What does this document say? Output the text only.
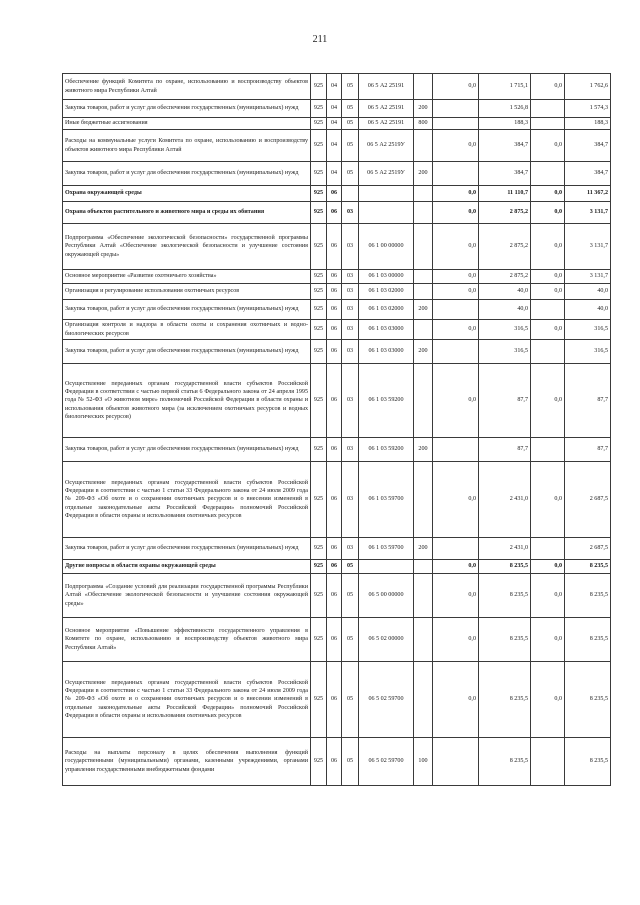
211
Обеспечение функций Комитета по охране, использованию и воспроизводству объектов животного мира Республики Алтай	925	04	05	06 5 А2 25191		0,0	1 715,1	0,0	1 762,6
Закупка товаров, работ и услуг для обеспечения государственных (муниципальных) нужд	925	04	05	06 5 А2 25191	200		1 526,8		1 574,3
Иные бюджетные ассигнования	925	04	05	06 5 А2 25191	800		188,3		188,3
Расходы на коммунальные услуги Комитета по охране, использованию и воспроизводству объектов животного мира Республики Алтай	925	04	05	06 5 А2 2519У		0,0	384,7	0,0	384,7
Закупка товаров, работ и услуг для обеспечения государственных (муниципальных) нужд	925	04	05	06 5 А2 2519У	200		384,7		384,7
Охрана окружающей среды	925	06				0,0	11 110,7	0,0	11 367,2
Охрана объектов растительного и животного мира и среды их обитания	925	06	03			0,0	2 875,2	0,0	3 131,7
Подпрограмма «Обеспечение экологической безопасности» государственной программы Республики Алтай «Обеспечение экологической безопасности и улучшение состояния окружающей среды»	925	06	03	06 1 00 00000		0,0	2 875,2	0,0	3 131,7
Основное мероприятие «Развитие охотничьего хозяйства»	925	06	03	06 1 03 00000		0,0	2 875,2	0,0	3 131,7
Организация и регулирование использования охотничьих ресурсов	925	06	03	06 1 03 02000		0,0	40,0	0,0	40,0
Закупка товаров, работ и услуг для обеспечения государственных (муниципальных) нужд	925	06	03	06 1 03 02000	200		40,0		40,0
Организация контроля и надзора в области охоты и сохранения охотничьих и водно-биологических ресурсов	925	06	03	06 1 03 03000		0,0	316,5	0,0	316,5
Закупка товаров, работ и услуг для обеспечения государственных (муниципальных) нужд	925	06	03	06 1 03 03000	200		316,5		316,5
Осуществление переданных органам государственной власти субъектов Российской Федерации в соответствии с частью первой статьи 6 Федерального закона от 24 апреля 1995 года № 52-ФЗ «О животном мире» полномочий Российской Федерации в области охраны и использования объектов животного мира (за исключением охотничьих ресурсов и водных биологических ресурсов)	925	06	03	06 1 03 59200		0,0	87,7	0,0	87,7
Закупка товаров, работ и услуг для обеспечения государственных (муниципальных) нужд	925	06	03	06 1 03 59200	200		87,7		87,7
Осуществление переданных органам государственной власти субъектов Российской Федерации в соответствии с частью 1 статьи 33 Федерального закона от 24 июля 2009 года № 209-ФЗ «Об охоте и о сохранении охотничьих ресурсов и о внесении изменений в отдельные законодательные акты Российской Федерации» полномочий Российской Федерации в области охраны и использования охотничьих ресурсов	925	06	03	06 1 03 59700		0,0	2 431,0	0,0	2 687,5
Закупка товаров, работ и услуг для обеспечения государственных (муниципальных) нужд	925	06	03	06 1 03 59700	200		2 431,0		2 687,5
Другие вопросы в области охраны окружающей среды	925	06	05			0,0	8 235,5	0,0	8 235,5
Подпрограмма «Создание условий для реализации государственной программы Республики Алтай «Обеспечение экологической безопасности и улучшение состояния окружающей среды»	925	06	05	06 5 00 00000		0,0	8 235,5	0,0	8 235,5
Основное мероприятие «Повышение эффективности государственного управления в Комитете по охране, использованию и воспроизводству объектов животного мира Республики Алтай»	925	06	05	06 5 02 00000		0,0	8 235,5	0,0	8 235,5
Осуществление переданных органам государственной власти субъектов Российской Федерации в соответствии с частью 1 статьи 33 Федерального закона от 24 июля 2009 года № 209-ФЗ «Об охоте и о сохранении охотничьих ресурсов и о внесении изменений в отдельные законодательные акты Российской Федерации» полномочий Российской Федерации в области охраны и использования охотничьих ресурсов	925	06	05	06 5 02 59700		0,0	8 235,5	0,0	8 235,5
Расходы на выплаты персоналу в целях обеспечения выполнения функций государственными (муниципальными) органами, казенными учреждениями, органами управления государственными внебюджетными фондами	925	06	05	06 5 02 59700	100		8 235,5		8 235,5
